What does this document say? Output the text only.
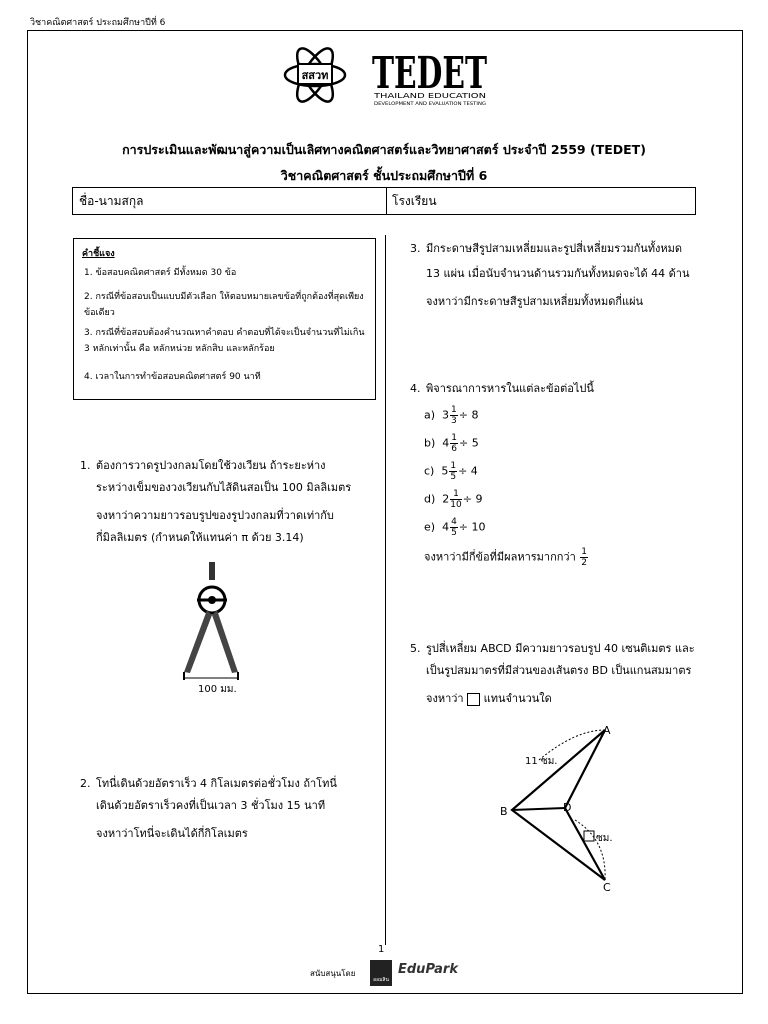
วิชาคณิตศาสตร์ ประถมศึกษาปีที่ 6
สสวท TEDET
THAILAND EDUCATION
DEVELOPMENT AND EVALUATION TESTING
การประเมินและพัฒนาสู่ความเป็นเลิศทางคณิตศาสตร์และวิทยาศาสตร์ ประจำปี 2559 (TEDET)
วิชาคณิตศาสตร์ ชั้นประถมศึกษาปีที่ 6
ชื่อ-นามสกุล	โรงเรียน
คำชี้แจง
1. ข้อสอบคณิตศาสตร์ มีทั้งหมด 30 ข้อ
2. กรณีที่ข้อสอบเป็นแบบมีตัวเลือก ให้ตอบหมายเลขข้อที่ถูกต้องที่สุดเพียงข้อเดียว
3. กรณีที่ข้อสอบต้องคำนวณหาคำตอบ คำตอบที่ได้จะเป็นจำนวนที่ไม่เกิน 3 หลักเท่านั้น คือ หลักหน่วย หลักสิบ และหลักร้อย
4. เวลาในการทำข้อสอบคณิตศาสตร์ 90 นาที
1. ต้องการวาดรูปวงกลมโดยใช้วงเวียน ถ้าระยะห่าง
ระหว่างเข็มของวงเวียนกับไส้ดินสอเป็น 100 มิลลิเมตร
จงหาว่าความยาวรอบรูปของรูปวงกลมที่วาดเท่ากับ
กี่มิลลิเมตร (กำหนดให้แทนค่า π ด้วย 3.14)
100 มม.
2. โทนี่เดินด้วยอัตราเร็ว 4 กิโลเมตรต่อชั่วโมง ถ้าโทนี่
เดินด้วยอัตราเร็วคงที่เป็นเวลา 3 ชั่วโมง 15 นาที
จงหาว่าโทนี่จะเดินได้กี่กิโลเมตร
3. มีกระดาษสีรูปสามเหลี่ยมและรูปสี่เหลี่ยมรวมกันทั้งหมด
13 แผ่น เมื่อนับจำนวนด้านรวมกันทั้งหมดจะได้ 44 ด้าน
จงหาว่ามีกระดาษสีรูปสามเหลี่ยมทั้งหมดกี่แผ่น
4. พิจารณาการหารในแต่ละข้อต่อไปนี้
a) $3 \frac{1}{3} \div 8$
b) $4 \frac{1}{6} \div 5$
c) $5 \frac{1}{5} \div 4$
d) $2 \frac{1}{10} \div 9$
e) $4 \frac{4}{5} \div 10$
จงหาว่ามีกี่ข้อที่มีผลหารมากกว่า $\frac{1}{2}$
5. รูปสี่เหลี่ยม ABCD มีความยาวรอบรูป 40 เซนติเมตร และ
เป็นรูปสมมาตรที่มีส่วนของเส้นตรง BD เป็นแกนสมมาตร
จงหาว่า แทนจำนวนใด
A
B
C
D
11 ซม.
ซม.
1
สนับสนุนโดย
ออมสิน
EduPark
